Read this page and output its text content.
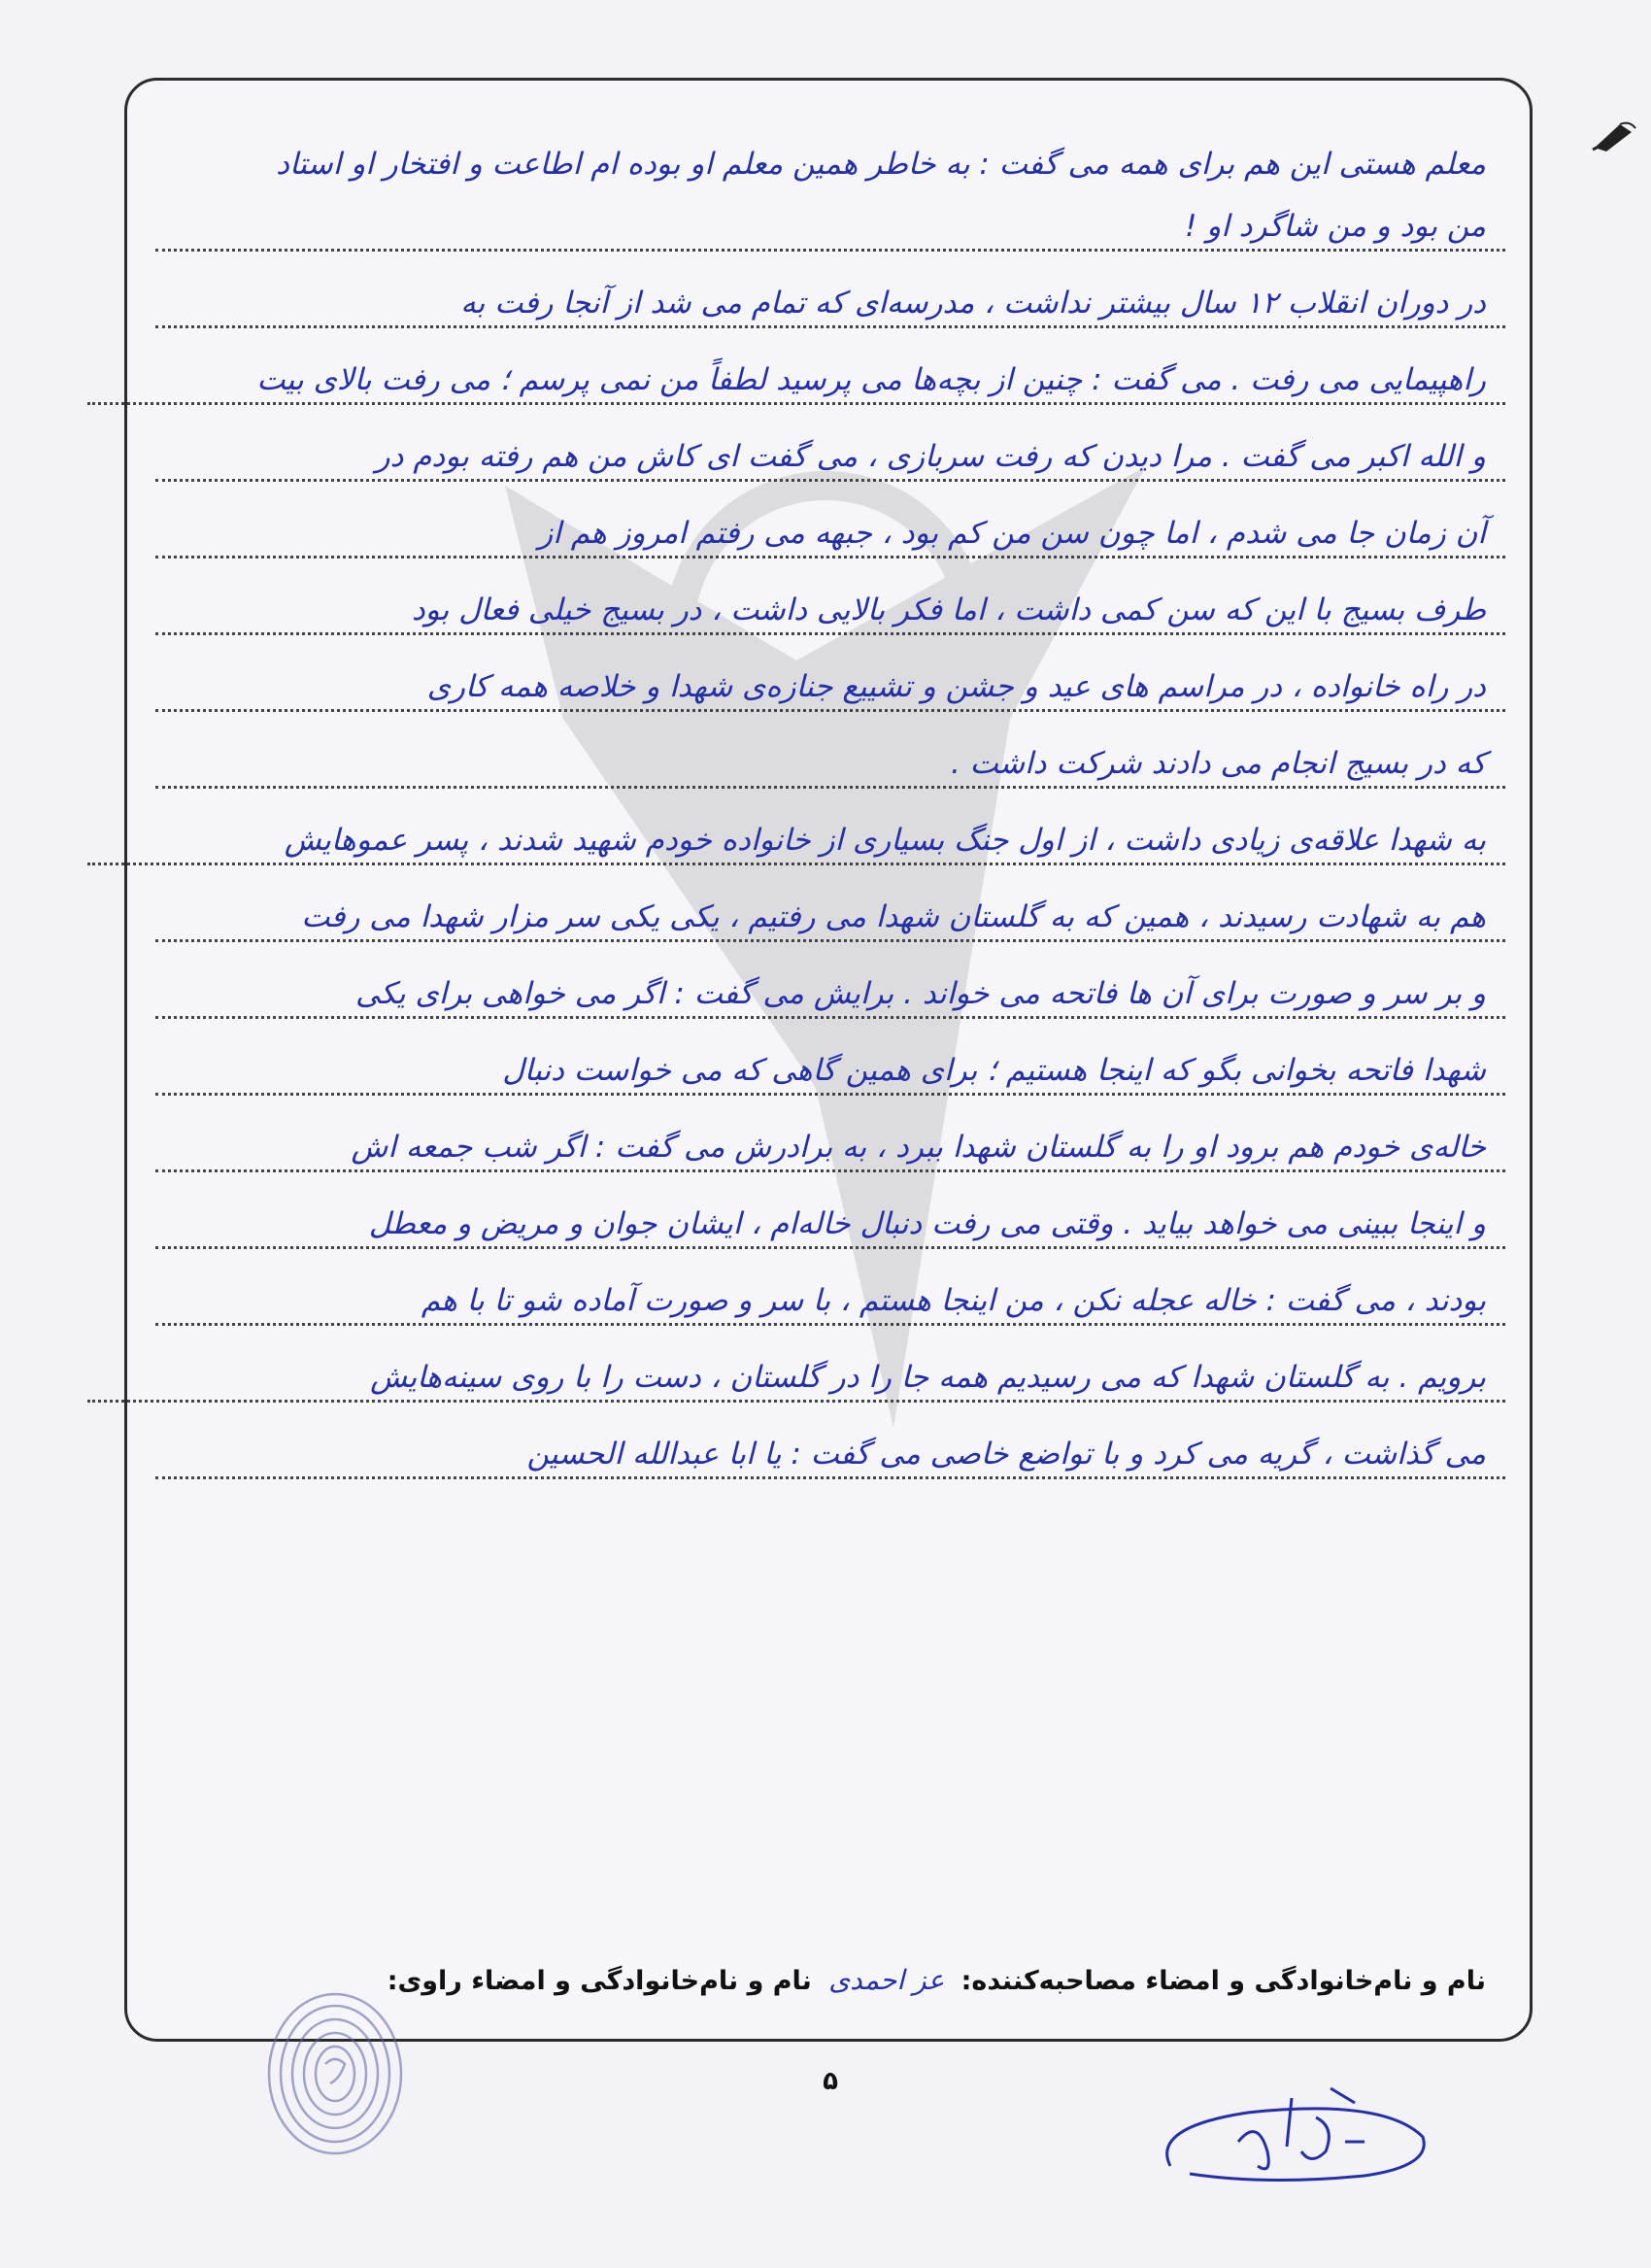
معلم هستی این هم برای همه می گفت : به خاطر همین معلم او بوده ام اطاعت و افتخار او استاد
من بود و من شاگرد او !
در دوران انقلاب ۱۲ سال بیشتر نداشت ، مدرسه‌ای که تمام می شد از آنجا رفت به
راهپیمایی می رفت . می گفت : چنین از بچه‌ها می پرسید لطفاً من نمی پرسم ؛ می رفت بالای بیت
و الله اکبر می گفت . مرا دیدن که رفت سربازی ، می گفت ای کاش من هم رفته بودم در
آن زمان جا می شدم ، اما چون سن من کم بود ، جبهه می رفتم امروز هم از
طرف بسیج با این که سن کمی داشت ، اما فکر بالایی داشت ، در بسیج خیلی فعال بود
در راه خانواده ، در مراسم های عید و جشن و تشییع جنازه‌ی شهدا و خلاصه همه کاری
که در بسیج انجام می دادند شرکت داشت .
به شهدا علاقه‌ی زیادی داشت ، از اول جنگ بسیاری از خانواده خودم شهید شدند ، پسر عموهایش
هم به شهادت رسیدند ، همین که به گلستان شهدا می رفتیم ، یکی یکی سر مزار شهدا می رفت
و بر سر و صورت برای آن ها فاتحه می خواند . برایش می گفت : اگر می خواهی برای یکی
شهدا فاتحه بخوانی بگو که اینجا هستیم ؛ برای همین گاهی که می خواست دنبال
خاله‌ی خودم هم برود او را به گلستان شهدا ببرد ، به برادرش می گفت : اگر شب جمعه اش
و اینجا ببینی می خواهد بیاید . وقتی می رفت دنبال خاله‌ام ، ایشان جوان و مریض و معطل
بودند ، می گفت : خاله عجله نکن ، من اینجا هستم ، با سر و صورت آماده شو تا با هم
برویم . به گلستان شهدا که می رسیدیم همه جا را در گلستان ، دست را با روی سینه‌هایش
می گذاشت ، گریه می کرد و با تواضع خاصی می گفت : یا ابا عبدالله الحسین
نام و نام‌خانوادگی و امضاء مصاحبه‌کننده: عز احمدی نام و نام‌خانوادگی و امضاء راوی:
۵
